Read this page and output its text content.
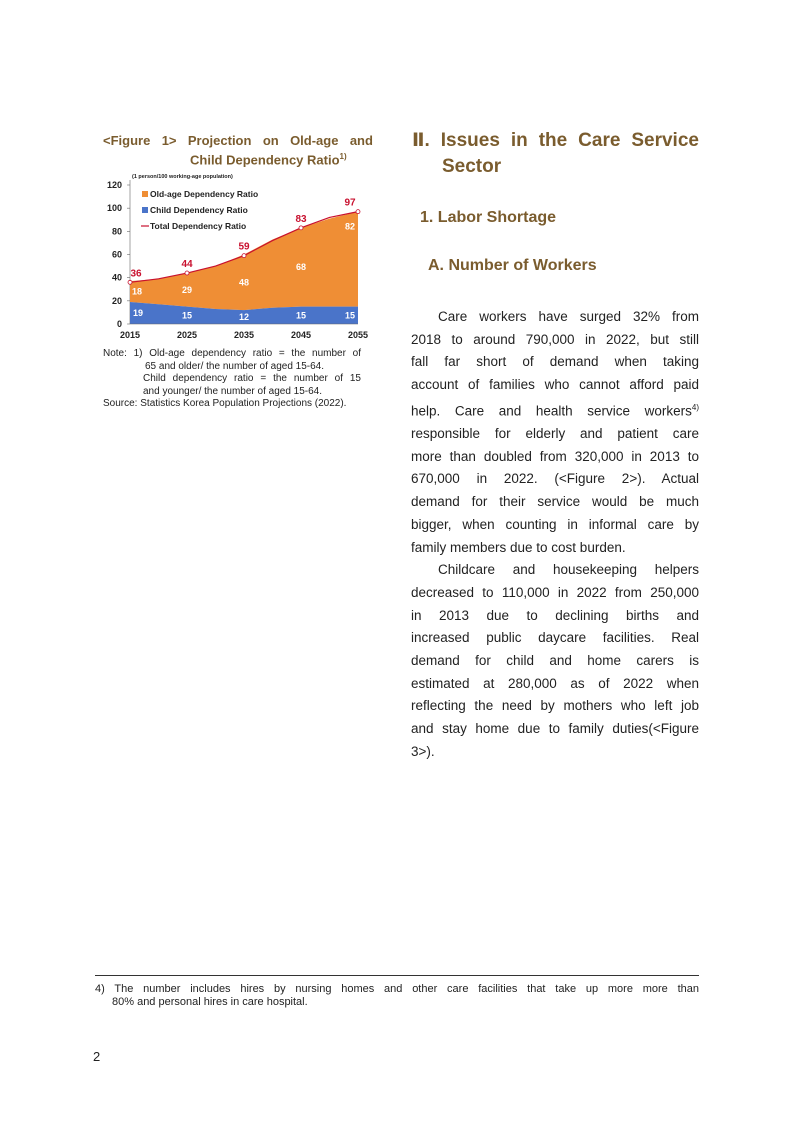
<Figure 1> Projection on Old-age and
Child Dependency Ratio$^{1)}$
(1 person/100 working-age population)
0
20
40
60
80
100
120
2015
36
18
19
2025
44
29
15
2035
59
48
12
2045
83
68
15
2055
97
82
15
Old-age Dependency Ratio
Child Dependency Ratio
Total Dependency Ratio
Note: 1) Old-age dependency ratio = the number of
65 and older/ the number of aged 15-64.
Child dependency ratio = the number of 15
and younger/ the number of aged 15-64.
Source: Statistics Korea Population Projections (2022).
Ⅱ. Issues in the Care Service
Sector
1. Labor Shortage
A. Number of Workers
Care workers have surged 32% from
2018 to around 790,000 in 2022, but still
fall far short of demand when taking
account of families who cannot afford paid
help. Care and health service workers$^{4)}$
responsible for elderly and patient care
more than doubled from 320,000 in 2013 to
670,000 in 2022. (<Figure 2>). Actual
demand for their service would be much
bigger, when counting in informal care by
family members due to cost burden.
Childcare and housekeeping helpers
decreased to 110,000 in 2022 from 250,000
in 2013 due to declining births and
increased public daycare facilities. Real
demand for child and home carers is
estimated at 280,000 as of 2022 when
reflecting the need by mothers who left job
and stay home due to family duties(<Figure
3>).
4) The number includes hires by nursing homes and other care facilities that take up more more than
80% and personal hires in care hospital.
2
